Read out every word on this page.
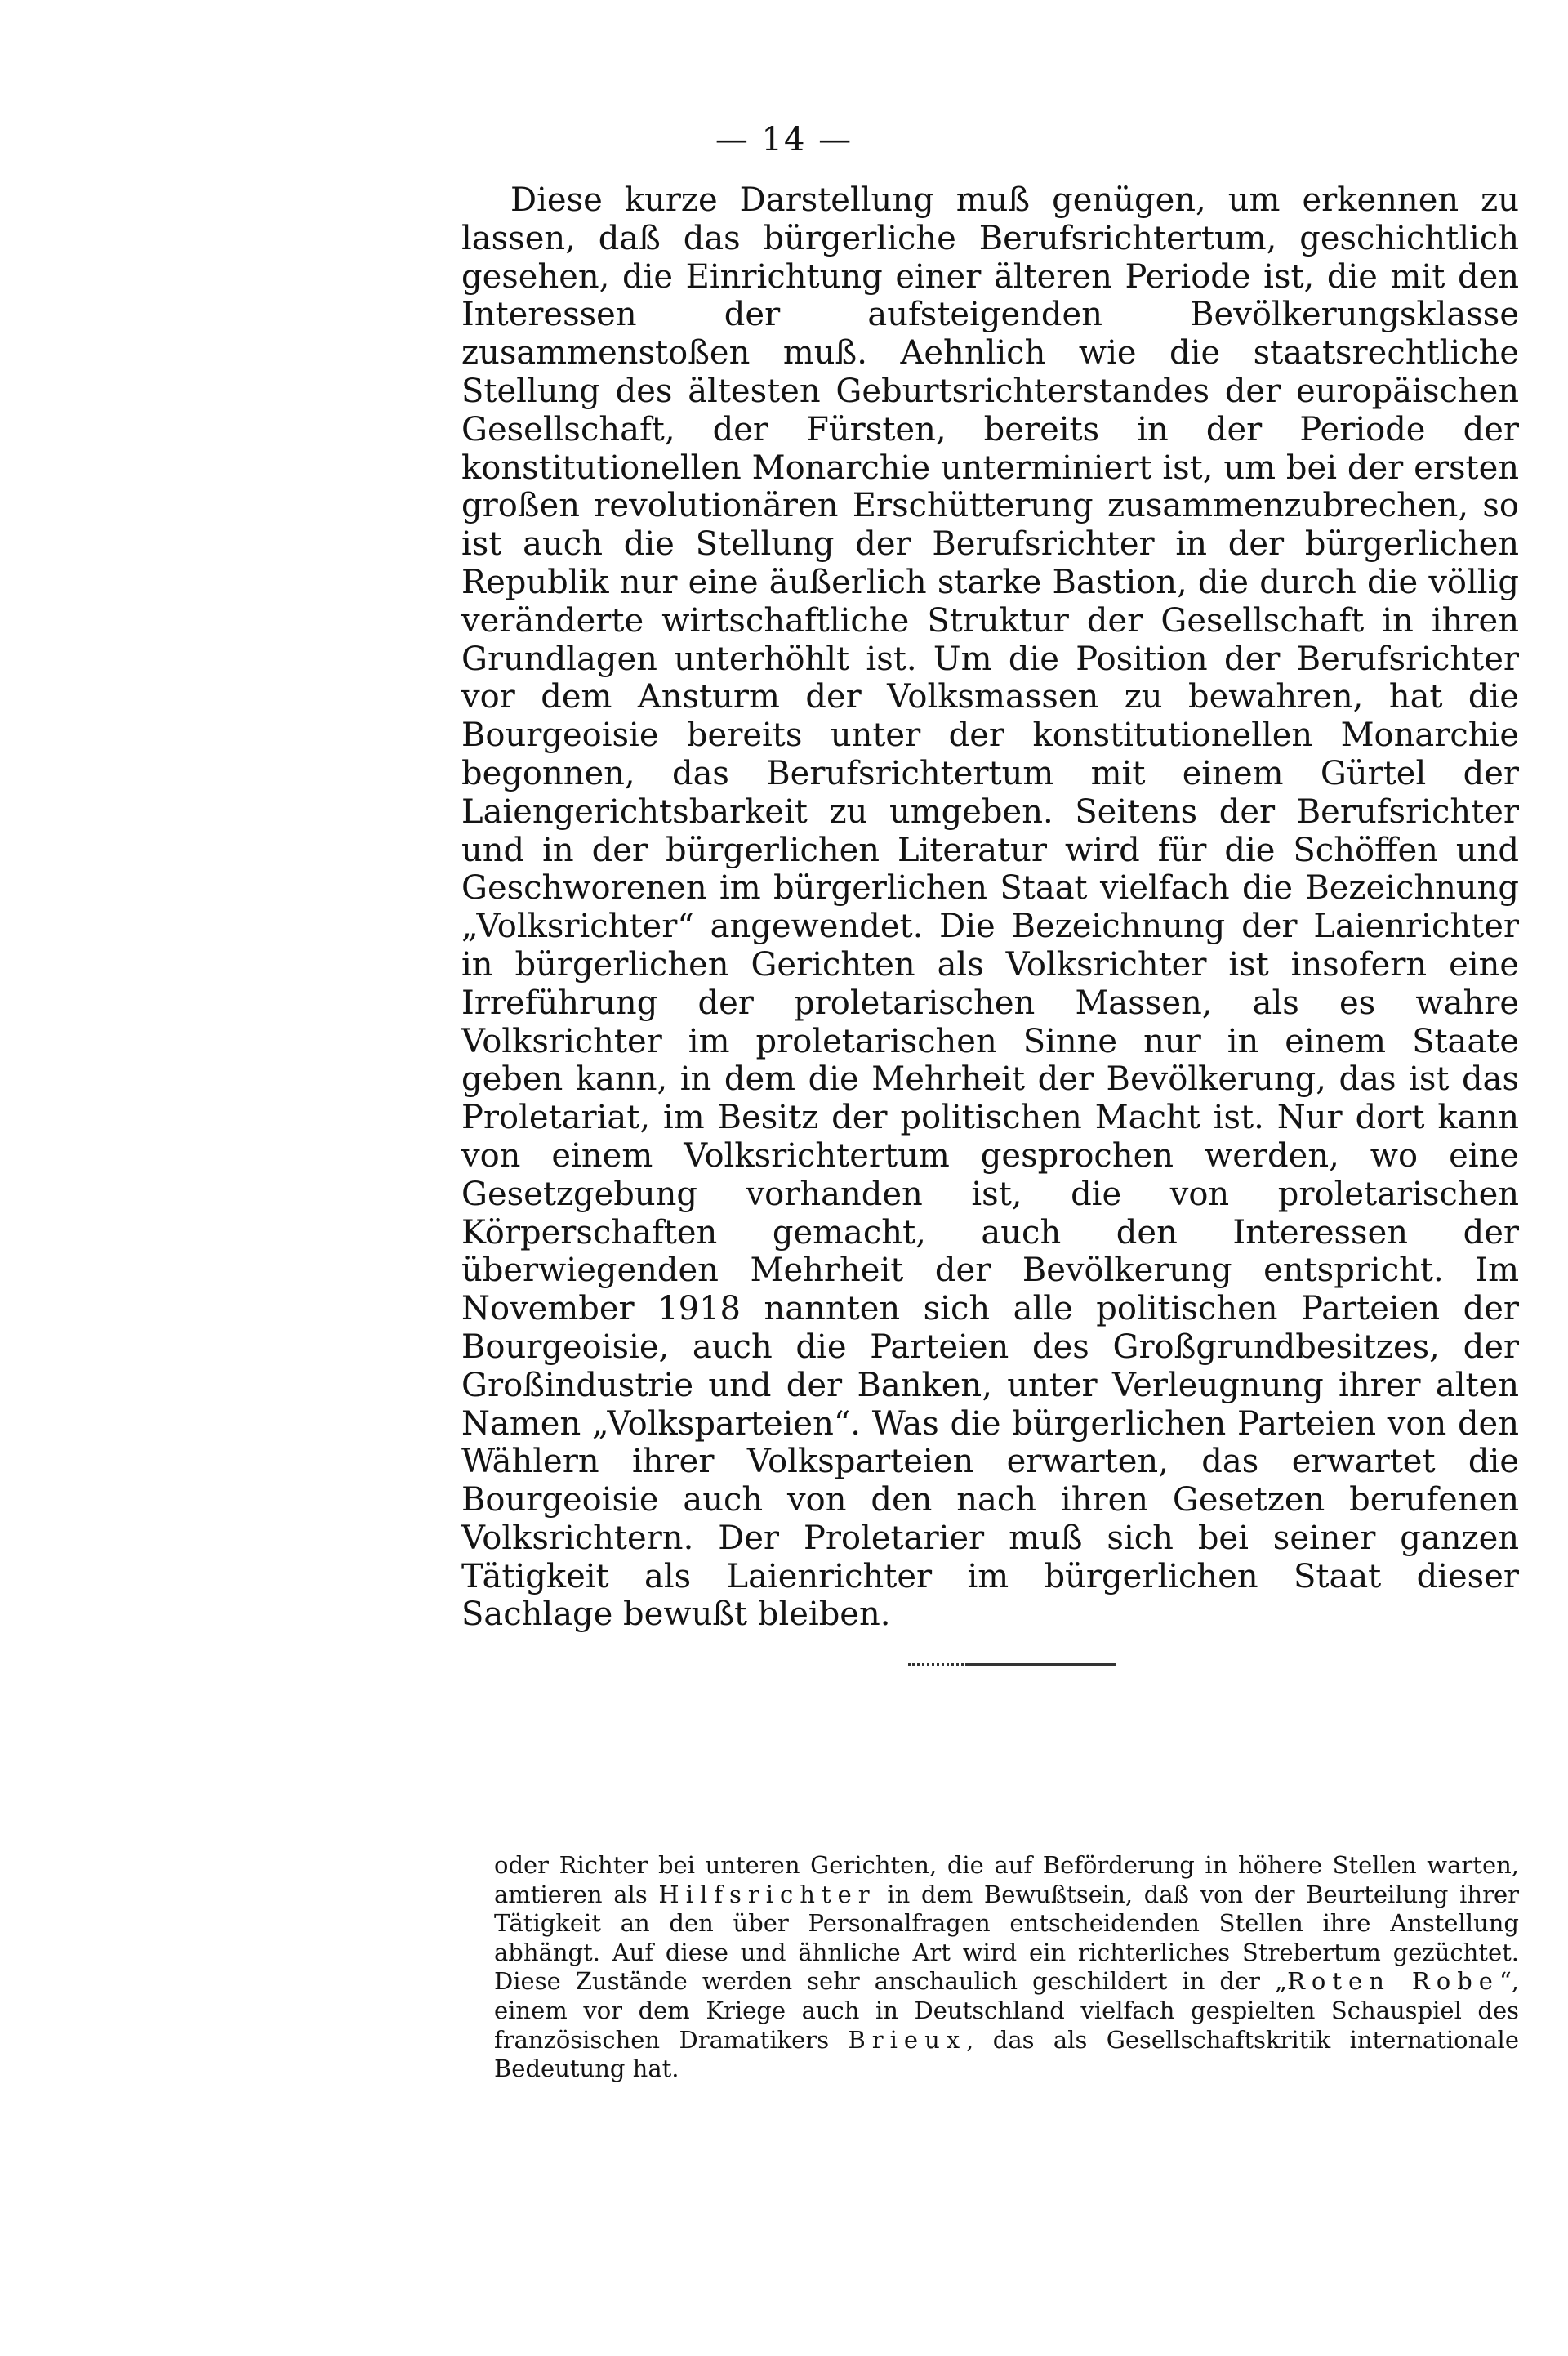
— 14 —

Diese kurze Darstellung muß genügen, um erkennen zu lassen, daß das bürgerliche Berufsrichtertum, geschichtlich gesehen, die Einrichtung einer älteren Periode ist, die mit den Interessen der aufsteigenden Bevölkerungsklasse zusammenstoßen muß. Aehnlich wie die staatsrechtliche Stellung des ältesten Geburtsrichterstandes der europäischen Gesellschaft, der Fürsten, bereits in der Periode der konstitutionellen Monarchie unterminiert ist, um bei der ersten großen revolutionären Erschütterung zusammenzubrechen, so ist auch die Stellung der Berufsrichter in der bürgerlichen Republik nur eine äußerlich starke Bastion, die durch die völlig veränderte wirtschaftliche Struktur der Gesellschaft in ihren Grundlagen unterhöhlt ist. Um die Position der Berufsrichter vor dem Ansturm der Volksmassen zu bewahren, hat die Bourgeoisie bereits unter der konstitutionellen Monarchie begonnen, das Berufsrichtertum mit einem Gürtel der Laiengerichtsbarkeit zu umgeben. Seitens der Berufsrichter und in der bürgerlichen Literatur wird für die Schöffen und Geschworenen im bürgerlichen Staat vielfach die Bezeichnung „Volksrichter“ angewendet. Die Bezeichnung der Laienrichter in bürgerlichen Gerichten als Volksrichter ist insofern eine Irreführung der proletarischen Massen, als es wahre Volksrichter im proletarischen Sinne nur in einem Staate geben kann, in dem die Mehrheit der Bevölkerung, das ist das Proletariat, im Besitz der politischen Macht ist. Nur dort kann von einem Volksrichtertum gesprochen werden, wo eine Gesetzgebung vorhanden ist, die von proletarischen Körperschaften gemacht, auch den Interessen der überwiegenden Mehrheit der Bevölkerung entspricht. Im November 1918 nannten sich alle politischen Parteien der Bourgeoisie, auch die Parteien des Großgrundbesitzes, der Großindustrie und der Banken, unter Verleugnung ihrer alten Namen „Volksparteien“. Was die bürgerlichen Parteien von den Wählern ihrer Volksparteien erwarten, das erwartet die Bourgeoisie auch von den nach ihren Gesetzen berufenen Volksrichtern. Der Proletarier muß sich bei seiner ganzen Tätigkeit als Laienrichter im bürgerlichen Staat dieser Sachlage bewußt bleiben.

oder Richter bei unteren Gerichten, die auf Beförderung in höhere Stellen warten, amtieren als Hilfsrichter in dem Bewußtsein, daß von der Beurteilung ihrer Tätigkeit an den über Personalfragen entscheidenden Stellen ihre Anstellung abhängt. Auf diese und ähnliche Art wird ein richterliches Strebertum gezüchtet. Diese Zustände werden sehr anschaulich geschildert in der „Roten Robe“, einem vor dem Kriege auch in Deutschland vielfach gespielten Schauspiel des französischen Dramatikers Brieux, das als Gesellschaftskritik internationale Bedeutung hat.
